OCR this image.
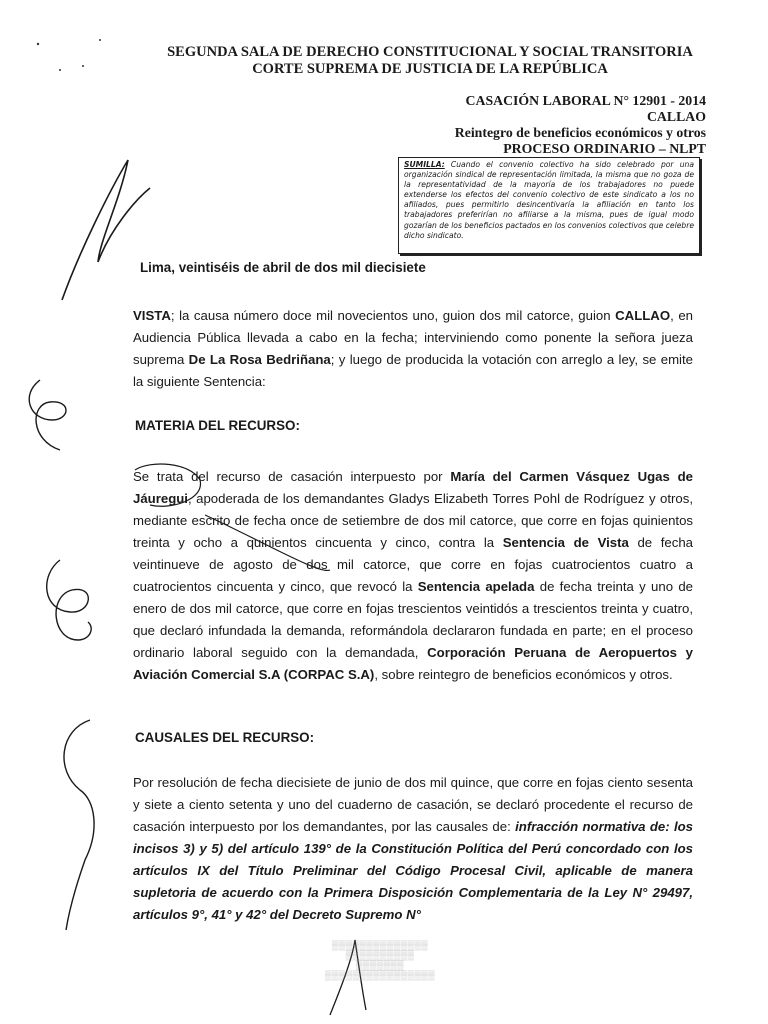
SEGUNDA SALA DE DERECHO CONSTITUCIONAL Y SOCIAL TRANSITORIA
CORTE SUPREMA DE JUSTICIA DE LA REPÚBLICA
CASACIÓN LABORAL N° 12901 - 2014
CALLAO
Reintegro de beneficios económicos y otros
PROCESO ORDINARIO – NLPT
SUMILLA: Cuando el convenio colectivo ha sido celebrado por una organización sindical de representación limitada, la misma que no goza de la representatividad de la mayoría de los trabajadores no puede extenderse los efectos del convenio colectivo de este sindicato a los no afiliados, pues permitirlo desincentivaría la afiliación en tanto los trabajadores preferirían no afiliarse a la misma, pues de igual modo gozarían de los beneficios pactados en los convenios colectivos que celebre dicho sindicato.
Lima, veintiséis de abril de dos mil diecisiete
VISTA; la causa número doce mil novecientos uno, guion dos mil catorce, guion CALLAO, en Audiencia Pública llevada a cabo en la fecha; interviniendo como ponente la señora jueza suprema De La Rosa Bedriñana; y luego de producida la votación con arreglo a ley, se emite la siguiente Sentencia:
MATERIA DEL RECURSO:
Se trata del recurso de casación interpuesto por María del Carmen Vásquez Ugas de Jáuregui, apoderada de los demandantes Gladys Elizabeth Torres Pohl de Rodríguez y otros, mediante escrito de fecha once de setiembre de dos mil catorce, que corre en fojas quinientos treinta y ocho a quinientos cincuenta y cinco, contra la Sentencia de Vista de fecha veintinueve de agosto de dos mil catorce, que corre en fojas cuatrocientos cuatro a cuatrocientos cincuenta y cinco, que revocó la Sentencia apelada de fecha treinta y uno de enero de dos mil catorce, que corre en fojas trescientos veintidós a trescientos treinta y cuatro, que declaró infundada la demanda, reformándola declararon fundada en parte; en el proceso ordinario laboral seguido con la demandada, Corporación Peruana de Aeropuertos y Aviación Comercial S.A (CORPAC S.A), sobre reintegro de beneficios económicos y otros.
CAUSALES DEL RECURSO:
Por resolución de fecha diecisiete de junio de dos mil quince, que corre en fojas ciento sesenta y siete a ciento setenta y uno del cuaderno de casación, se declaró procedente el recurso de casación interpuesto por los demandantes, por las causales de: infracción normativa de: los incisos 3) y 5) del artículo 139° de la Constitución Política del Perú concordado con los artículos IX del Título Preliminar del Código Procesal Civil, aplicable de manera supletoria de acuerdo con la Primera Disposición Complementaria de la Ley N° 29497, artículos 9°, 41° y 42° del Decreto Supremo N°
▒▒▒▒▒▒▒▒▒▒▒▒▒▒
▒▒▒▒▒▒▒▒▒▒
▒▒▒▒▒▒▒
▒▒▒▒▒▒▒▒▒▒▒▒▒▒▒▒
